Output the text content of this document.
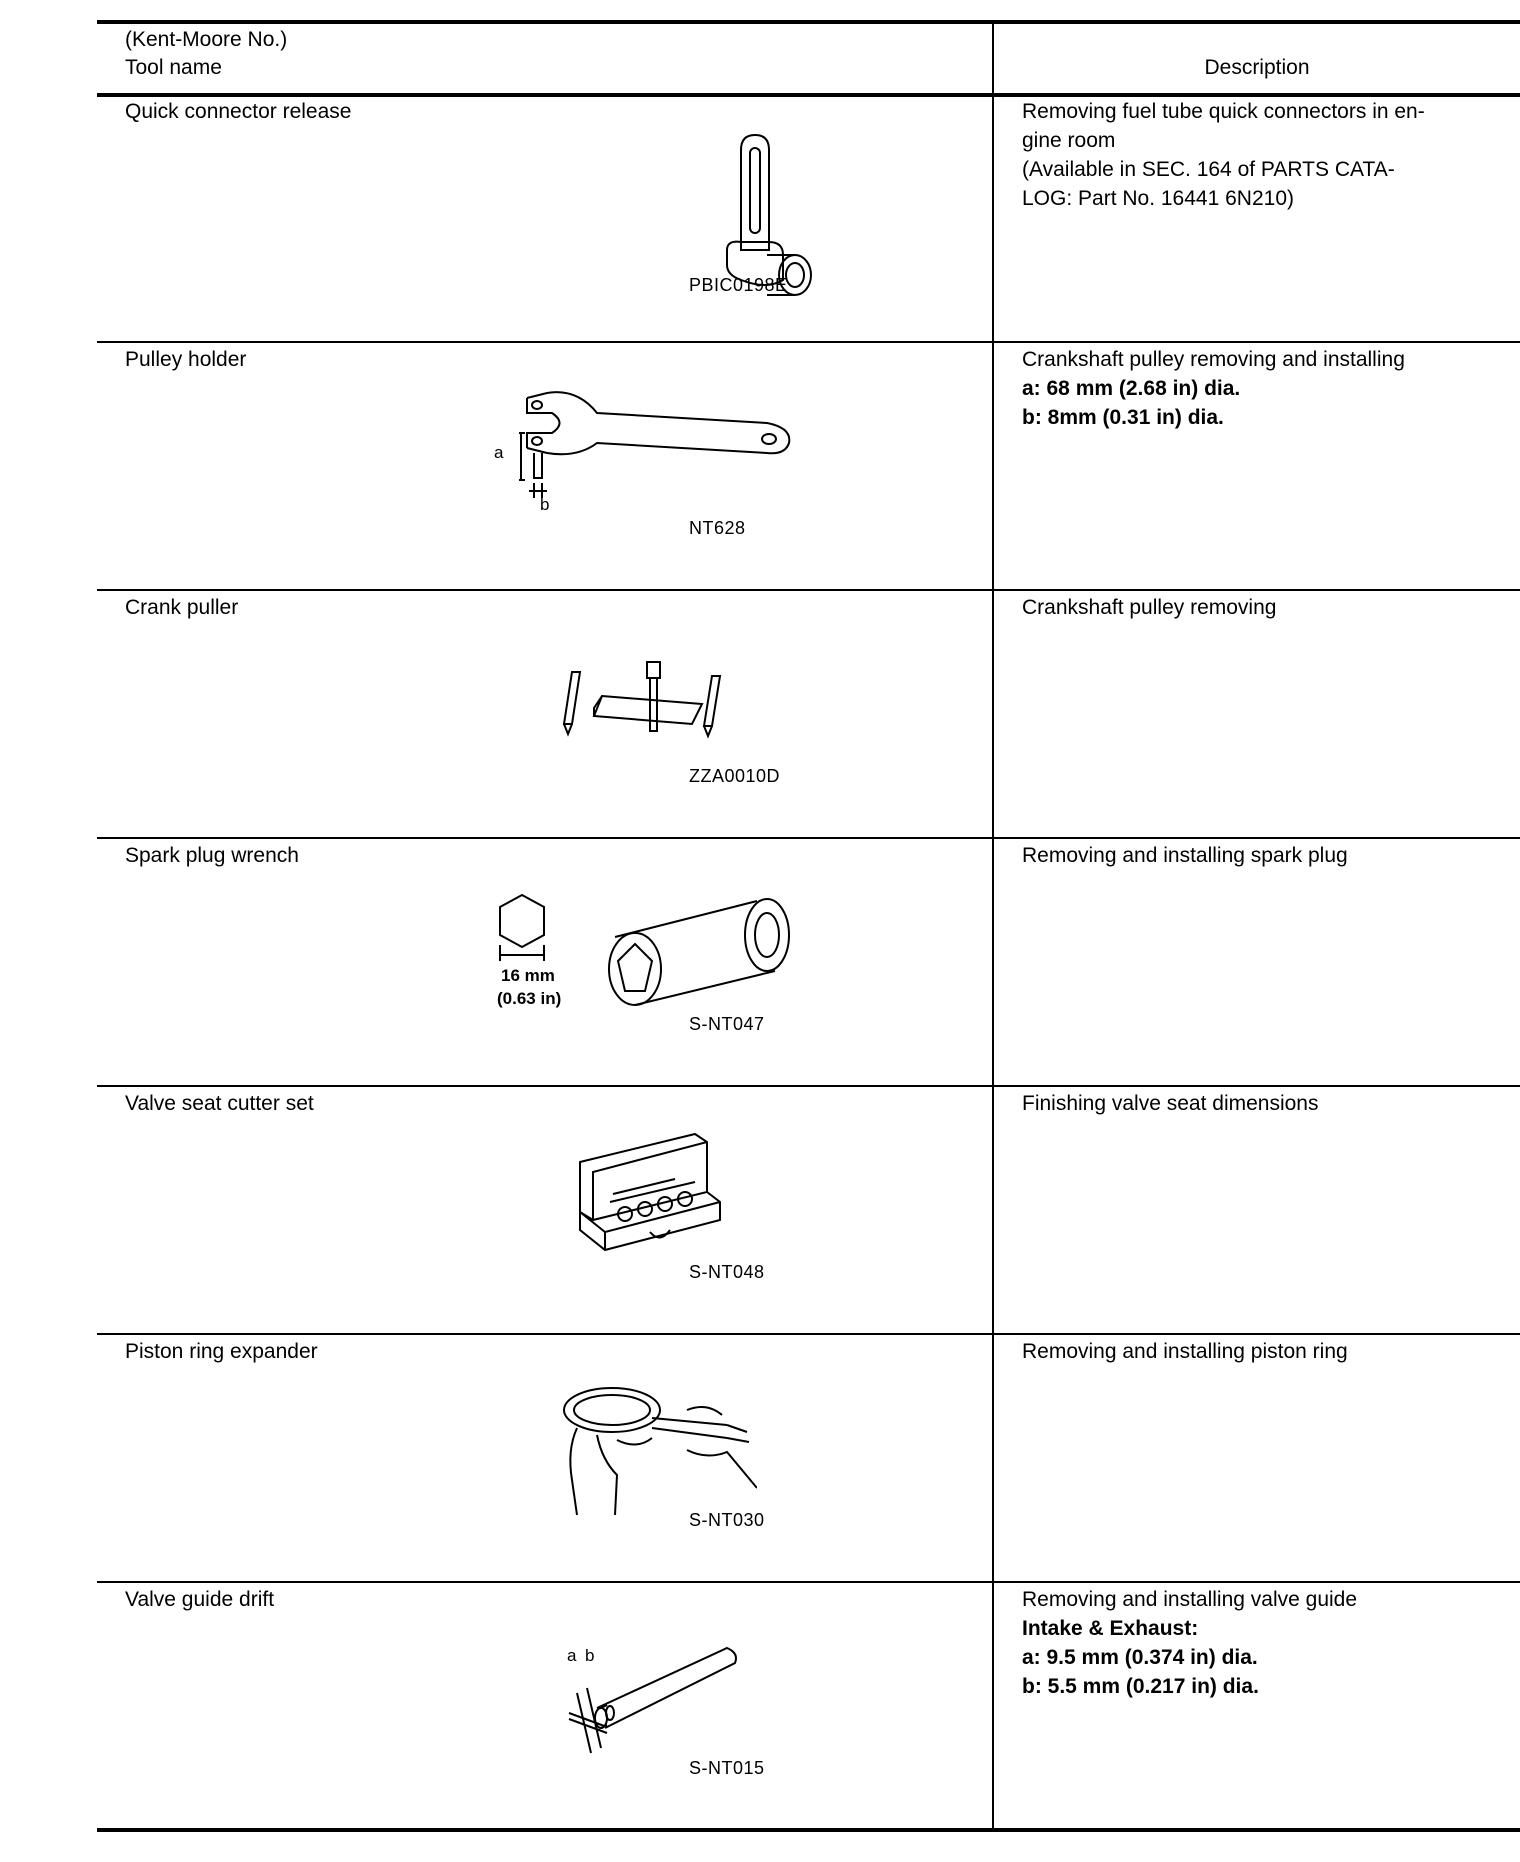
(Kent-Moore No.)
Tool name	Description
Quick connector release
PBIC0198E
Removing fuel tube quick connectors in en-
gine room
(Available in SEC. 164 of PARTS CATA-
LOG: Part No. 16441 6N210)
Pulley holder
a
b
NT628
Crankshaft pulley removing and installing
a: 68 mm (2.68 in) dia.
b: 8mm (0.31 in) dia.
Crank puller
ZZA0010D
Crankshaft pulley removing
Spark plug wrench
16 mm
(0.63 in)
S-NT047
Removing and installing spark plug
Valve seat cutter set
S-NT048
Finishing valve seat dimensions
Piston ring expander
S-NT030
Removing and installing piston ring
Valve guide drift
a b
S-NT015
Removing and installing valve guide
Intake & Exhaust:
a: 9.5 mm (0.374 in) dia.
b: 5.5 mm (0.217 in) dia.
